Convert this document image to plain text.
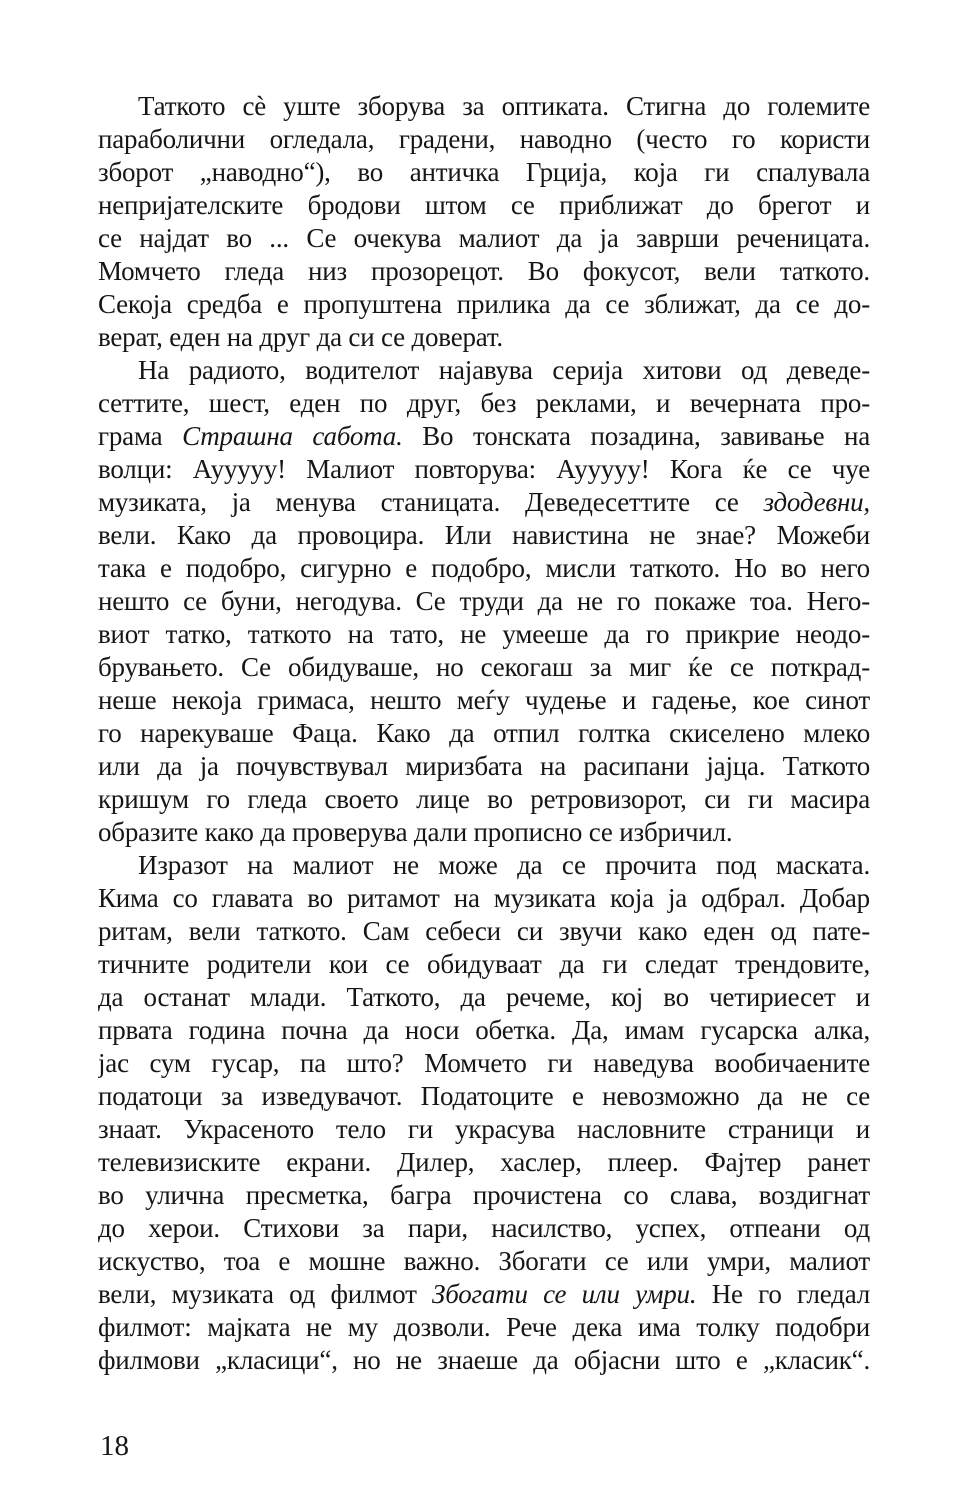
Таткото сѐ уште зборува за оптиката. Стигна до големите
параболични огледала, градени, наводно (често го користи
зборот „наводно“), во античка Грција, која ги спалувала
непријателските бродови штом се приближат до брегот и
се најдат во ... Се очекува малиот да ја заврши реченицата.
Момчето гледа низ прозорецот. Во фокусот, вели таткото.
Секоја средба е пропуштена прилика да се зближат, да се до-
верат, еден на друг да си се доверат.
На радиото, водителот најавува серија хитови од деведе-
сеттите, шест, еден по друг, без реклами, и вечерната про-
грама Страшна сабота. Во тонската позадина, завивање на
волци: Аууууу! Малиот повторува: Аууууу! Кога ќе се чуе
музиката, ја менува станицата. Деведесеттите се здодевни,
вели. Како да провоцира. Или навистина не знае? Можеби
така е подобро, сигурно е подобро, мисли таткото. Но во него
нешто се буни, негодува. Се труди да не го покаже тоа. Него-
виот татко, таткото на тато, не умееше да го прикрие неодо-
брувањето. Се обидуваше, но секогаш за миг ќе се поткрад-
неше некоја гримаса, нешто меѓу чудење и гадење, кое синот
го нарекуваше Фаца. Како да отпил голтка скиселено млеко
или да ја почувствувал миризбата на расипани јајца. Таткото
кришум го гледа своето лице во ретровизорот, си ги масира
образите како да проверува дали прописно се избричил.
Изразот на малиот не може да се прочита под маската.
Кима со главата во ритамот на музиката која ја одбрал. Добар
ритам, вели таткото. Сам себеси си звучи како еден од пате-
тичните родители кои се обидуваат да ги следат трендовите,
да останат млади. Таткото, да речеме, кој во четириесет и
првата година почна да носи обетка. Да, имам гусарска алка,
јас сум гусар, па што? Момчето ги наведува вообичаените
податоци за изведувачот. Податоците е невозможно да не се
знаат. Украсеното тело ги украсува насловните страници и
телевизиските екрани. Дилер, хаслер, плеер. Фајтер ранет
во улична пресметка, багра прочистена со слава, воздигнат
до херои. Стихови за пари, насилство, успех, отпеани од
искуство, тоа е мошне важно. Збогати се или умри, малиот
вели, музиката од филмот Збогати се или умри. Не го гледал
филмот: мајката не му дозволи. Рече дека има толку подобри
филмови „класици“, но не знаеше да објасни што е „класик“.
18
